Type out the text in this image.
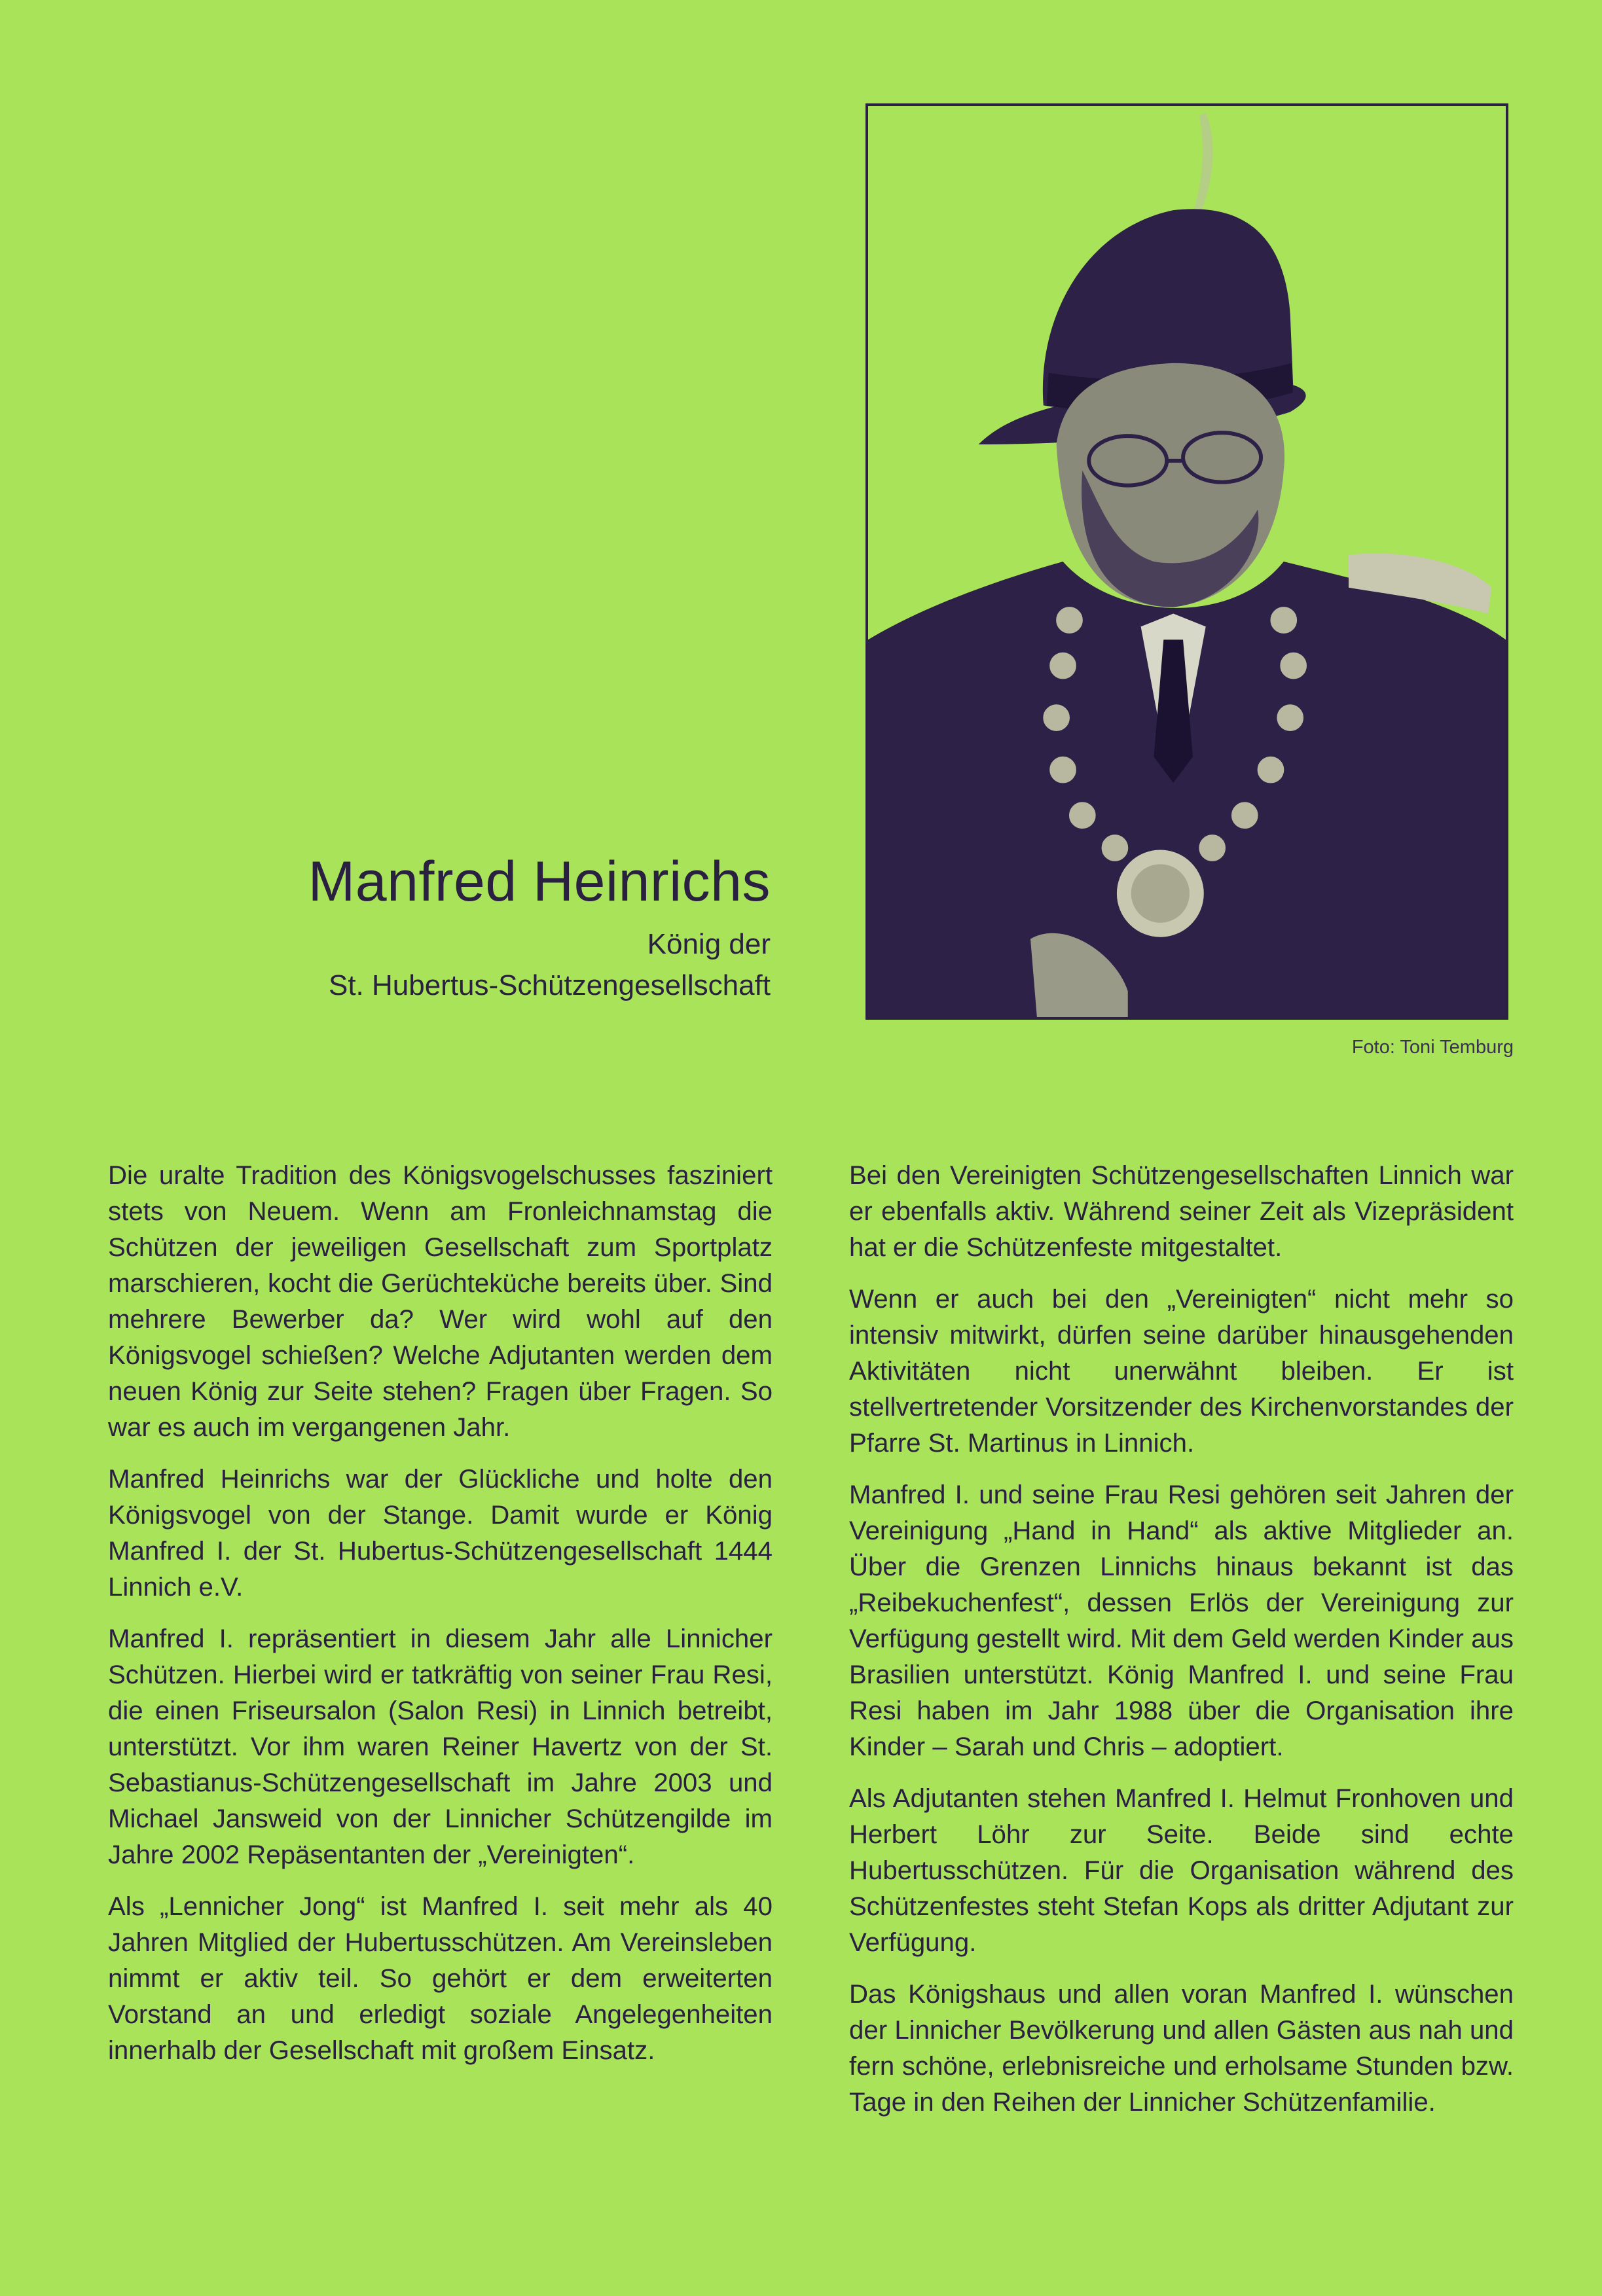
Foto: Toni Temburg
Manfred Heinrichs
König der
St. Hubertus-Schützengesellschaft

Die uralte Tradition des Königsvogelschusses fasziniert stets von Neuem. Wenn am Fronleichnamstag die Schützen der jeweiligen Gesellschaft zum Sportplatz marschieren, kocht die Gerüchteküche bereits über. Sind mehrere Bewerber da? Wer wird wohl auf den Königsvogel schießen? Welche Adjutanten werden dem neuen König zur Seite stehen? Fragen über Fragen. So war es auch im vergangenen Jahr.

Manfred Heinrichs war der Glückliche und holte den Königsvogel von der Stange. Damit wurde er König Manfred I. der St. Hubertus-Schützengesellschaft 1444 Linnich e.V.

Manfred I. repräsentiert in diesem Jahr alle Linnicher Schützen. Hierbei wird er tatkräftig von seiner Frau Resi, die einen Friseursalon (Salon Resi) in Linnich betreibt, unterstützt. Vor ihm waren Reiner Havertz von der St. Sebastianus-Schützengesellschaft im Jahre 2003 und Michael Jansweid von der Linnicher Schützengilde im Jahre 2002 Repäsentanten der „Vereinigten“.

Als „Lennicher Jong“ ist Manfred I. seit mehr als 40 Jahren Mitglied der Hubertusschützen. Am Vereinsleben nimmt er aktiv teil. So gehört er dem erweiterten Vorstand an und erledigt soziale Angelegenheiten innerhalb der Gesellschaft mit großem Einsatz.

Bei den Vereinigten Schützengesellschaften Linnich war er ebenfalls aktiv. Während seiner Zeit als Vizepräsident hat er die Schützenfeste mitgestaltet.

Wenn er auch bei den „Vereinigten“ nicht mehr so intensiv mitwirkt, dürfen seine darüber hinausgehenden Aktivitäten nicht unerwähnt bleiben. Er ist stellvertretender Vorsitzender des Kirchenvorstandes der Pfarre St. Martinus in Linnich.

Manfred I. und seine Frau Resi gehören seit Jahren der Vereinigung „Hand in Hand“ als aktive Mitglieder an. Über die Grenzen Linnichs hinaus bekannt ist das „Reibekuchenfest“, dessen Erlös der Vereinigung zur Verfügung gestellt wird. Mit dem Geld werden Kinder aus Brasilien unterstützt. König Manfred I. und seine Frau Resi haben im Jahr 1988 über die Organisation ihre Kinder – Sarah und Chris – adoptiert.

Als Adjutanten stehen Manfred I. Helmut Fronhoven und Herbert Löhr zur Seite. Beide sind echte Hubertusschützen. Für die Organisation während des Schützenfestes steht Stefan Kops als dritter Adjutant zur Verfügung.

Das Königshaus und allen voran Manfred I. wünschen der Linnicher Bevölkerung und allen Gästen aus nah und fern schöne, erlebnisreiche und erholsame Stunden bzw. Tage in den Reihen der Linnicher Schützenfamilie.
